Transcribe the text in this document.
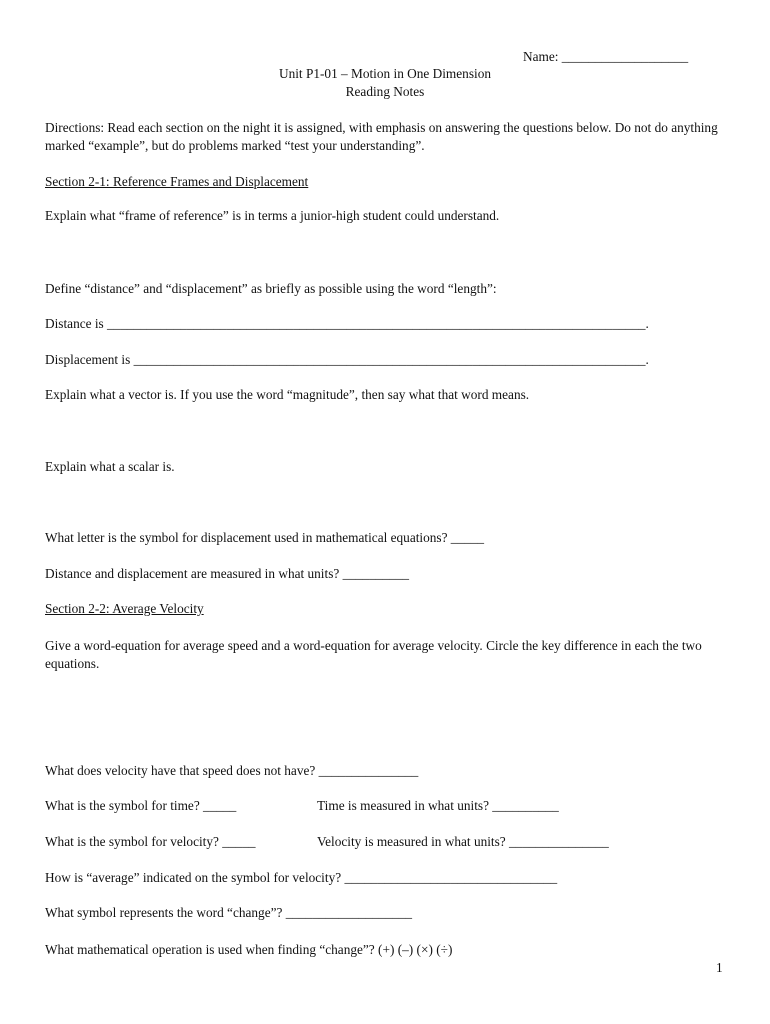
Name: ___________________
Unit P1-01 – Motion in One Dimension
Reading Notes
Directions: Read each section on the night it is assigned, with emphasis on answering the questions below. Do not do anything marked “example”, but do problems marked “test your understanding”.
Section 2-1: Reference Frames and Displacement
Explain what “frame of reference” is in terms a junior-high student could understand.
Define “distance” and “displacement” as briefly as possible using the word “length”:
Distance is _________________________________________________________________________________.
Displacement is _____________________________________________________________________________.
Explain what a vector is. If you use the word “magnitude”, then say what that word means.
Explain what a scalar is.
What letter is the symbol for displacement used in mathematical equations? _____
Distance and displacement are measured in what units? __________
Section 2-2: Average Velocity
Give a word-equation for average speed and a word-equation for average velocity. Circle the key difference in each the two equations.
What does velocity have that speed does not have? _______________
What is the symbol for time? _____	Time is measured in what units? __________
What is the symbol for velocity? _____	Velocity is measured in what units? _______________
How is “average” indicated on the symbol for velocity? ________________________________
What symbol represents the word “change”? ___________________
What mathematical operation is used when finding “change”? (+) (–) (×) (÷)
1
